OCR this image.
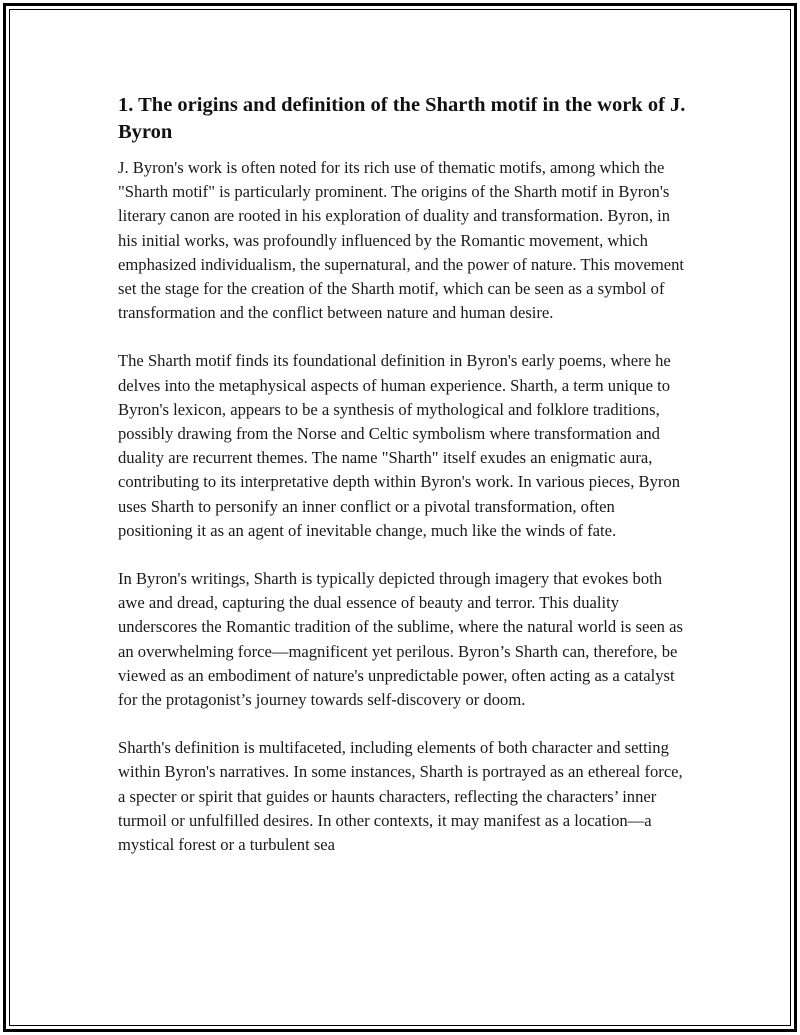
1. The origins and definition of the Sharth motif in the work of J. Byron

J. Byron's work is often noted for its rich use of thematic motifs, among which the "Sharth motif" is particularly prominent. The origins of the Sharth motif in Byron's literary canon are rooted in his exploration of duality and transformation. Byron, in his initial works, was profoundly influenced by the Romantic movement, which emphasized individualism, the supernatural, and the power of nature. This movement set the stage for the creation of the Sharth motif, which can be seen as a symbol of transformation and the conflict between nature and human desire.

The Sharth motif finds its foundational definition in Byron's early poems, where he delves into the metaphysical aspects of human experience. Sharth, a term unique to Byron's lexicon, appears to be a synthesis of mythological and folklore traditions, possibly drawing from the Norse and Celtic symbolism where transformation and duality are recurrent themes. The name "Sharth" itself exudes an enigmatic aura, contributing to its interpretative depth within Byron's work. In various pieces, Byron uses Sharth to personify an inner conflict or a pivotal transformation, often positioning it as an agent of inevitable change, much like the winds of fate.

In Byron's writings, Sharth is typically depicted through imagery that evokes both awe and dread, capturing the dual essence of beauty and terror. This duality underscores the Romantic tradition of the sublime, where the natural world is seen as an overwhelming force—magnificent yet perilous. Byron’s Sharth can, therefore, be viewed as an embodiment of nature's unpredictable power, often acting as a catalyst for the protagonist’s journey towards self-discovery or doom.

Sharth's definition is multifaceted, including elements of both character and setting within Byron's narratives. In some instances, Sharth is portrayed as an ethereal force, a specter or spirit that guides or haunts characters, reflecting the characters’ inner turmoil or unfulfilled desires. In other contexts, it may manifest as a location—a mystical forest or a turbulent sea
